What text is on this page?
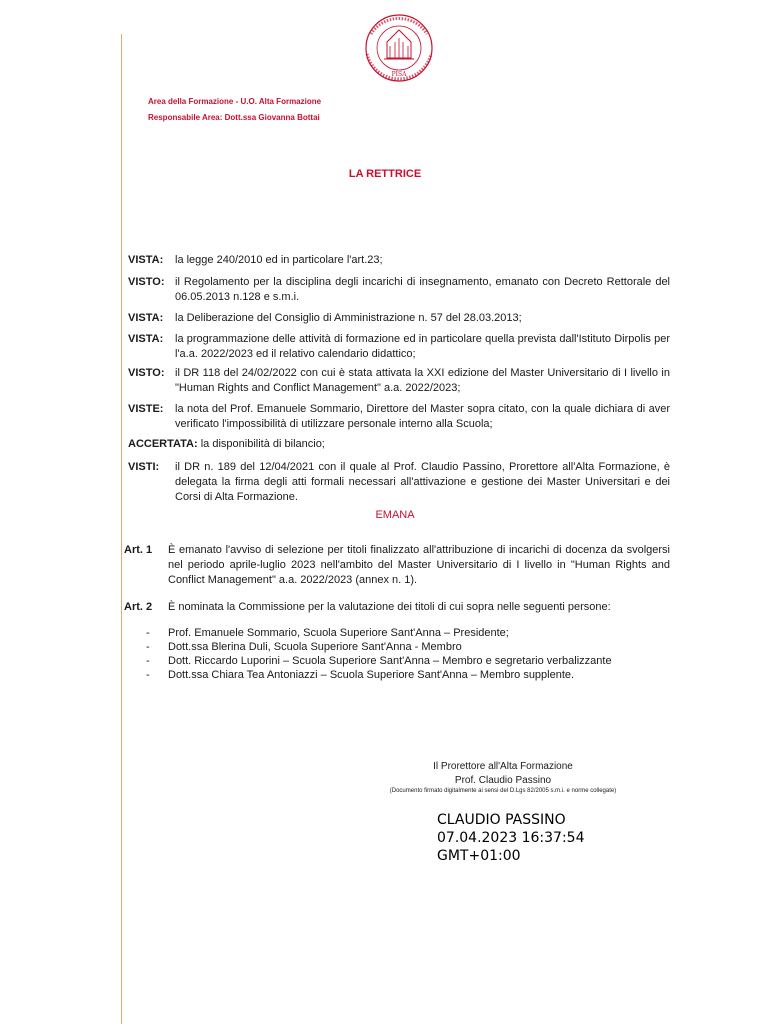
PISA
Area della Formazione - U.O. Alta Formazione
Responsabile Area: Dott.ssa Giovanna Bottai
LA RETTRICE
VISTA: la legge 240/2010 ed in particolare l'art.23;
VISTO: il Regolamento per la disciplina degli incarichi di insegnamento, emanato con Decreto Rettorale del 06.05.2013 n.128 e s.m.i.
VISTA: la Deliberazione del Consiglio di Amministrazione n. 57 del 28.03.2013;
VISTA: la programmazione delle attività di formazione ed in particolare quella prevista dall'Istituto Dirpolis per l'a.a. 2022/2023 ed il relativo calendario didattico;
VISTO: il DR 118 del 24/02/2022 con cui è stata attivata la XXI edizione del Master Universitario di I livello in "Human Rights and Conflict Management" a.a. 2022/2023;
VISTE: la nota del Prof. Emanuele Sommario, Direttore del Master sopra citato, con la quale dichiara di aver verificato l'impossibilità di utilizzare personale interno alla Scuola;
ACCERTATA: la disponibilità di bilancio;
VISTI: il DR n. 189 del 12/04/2021 con il quale al Prof. Claudio Passino, Prorettore all'Alta Formazione, è delegata la firma degli atti formali necessari all'attivazione e gestione dei Master Universitari e dei Corsi di Alta Formazione.
EMANA
Art. 1 È emanato l'avviso di selezione per titoli finalizzato all'attribuzione di incarichi di docenza da svolgersi nel periodo aprile-luglio 2023 nell'ambito del Master Universitario di I livello in "Human Rights and Conflict Management" a.a. 2022/2023 (annex n. 1).
Art. 2 È nominata la Commissione per la valutazione dei titoli di cui sopra nelle seguenti persone:
- Prof. Emanuele Sommario, Scuola Superiore Sant'Anna – Presidente;
- Dott.ssa Blerina Duli, Scuola Superiore Sant'Anna - Membro
- Dott. Riccardo Luporini – Scuola Superiore Sant'Anna – Membro e segretario verbalizzante
- Dott.ssa Chiara Tea Antoniazzi – Scuola Superiore Sant'Anna – Membro supplente.
Il Prorettore all'Alta Formazione
Prof. Claudio Passino
(Documento firmato digitalmente ai sensi del D.Lgs 82/2005 s.m.i. e norme collegate)
CLAUDIO PASSINO
07.04.2023 16:37:54
GMT+01:00
